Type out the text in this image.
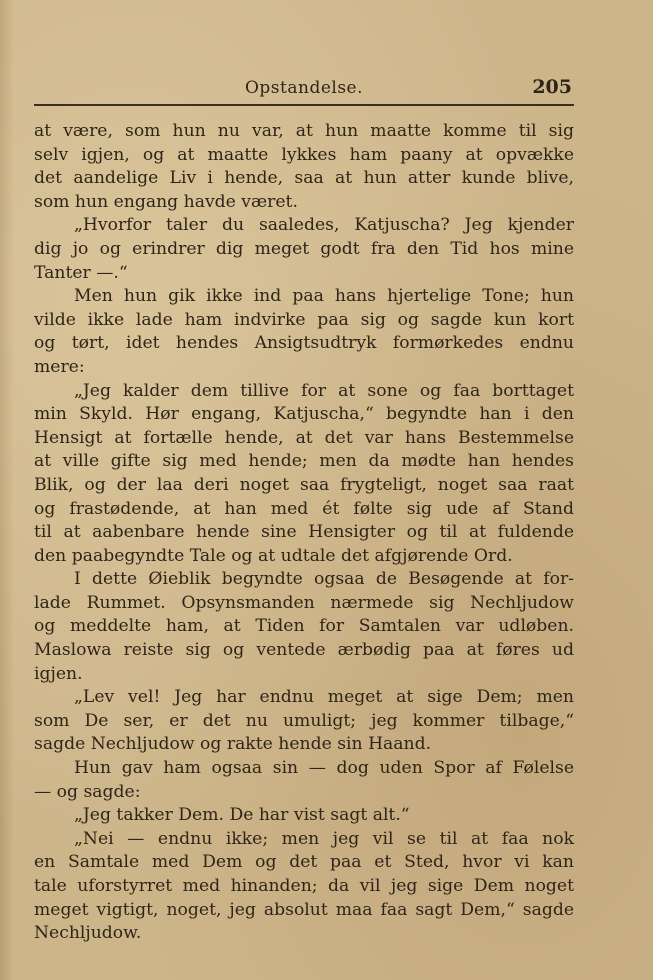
Opstandelse.	205
at være, som hun nu var, at hun maatte komme til sig
selv igjen, og at maatte lykkes ham paany at opvække
det aandelige Liv i hende, saa at hun atter kunde blive,
som hun engang havde været.
„Hvorfor taler du saaledes, Katjuscha? Jeg kjender
dig jo og erindrer dig meget godt fra den Tid hos mine
Tanter —.“
Men hun gik ikke ind paa hans hjertelige Tone; hun
vilde ikke lade ham indvirke paa sig og sagde kun kort
og tørt, idet hendes Ansigtsudtryk formørkedes endnu
mere:
„Jeg kalder dem tillive for at sone og faa borttaget
min Skyld. Hør engang, Katjuscha,“ begyndte han i den
Hensigt at fortælle hende, at det var hans Bestemmelse
at ville gifte sig med hende; men da mødte han hendes
Blik, og der laa deri noget saa frygteligt, noget saa raat
og frastødende, at han med ét følte sig ude af Stand
til at aabenbare hende sine Hensigter og til at fuldende
den paabegyndte Tale og at udtale det afgjørende Ord.
I dette Øieblik begyndte ogsaa de Besøgende at for-
lade Rummet. Opsynsmanden nærmede sig Nechljudow
og meddelte ham, at Tiden for Samtalen var udløben.
Maslowa reiste sig og ventede ærbødig paa at føres ud
igjen.
„Lev vel! Jeg har endnu meget at sige Dem; men
som De ser, er det nu umuligt; jeg kommer tilbage,“
sagde Nechljudow og rakte hende sin Haand.
Hun gav ham ogsaa sin — dog uden Spor af Følelse
— og sagde:
„Jeg takker Dem. De har vist sagt alt.“
„Nei — endnu ikke; men jeg vil se til at faa nok
en Samtale med Dem og det paa et Sted, hvor vi kan
tale uforstyrret med hinanden; da vil jeg sige Dem noget
meget vigtigt, noget, jeg absolut maa faa sagt Dem,“ sagde
Nechljudow.
